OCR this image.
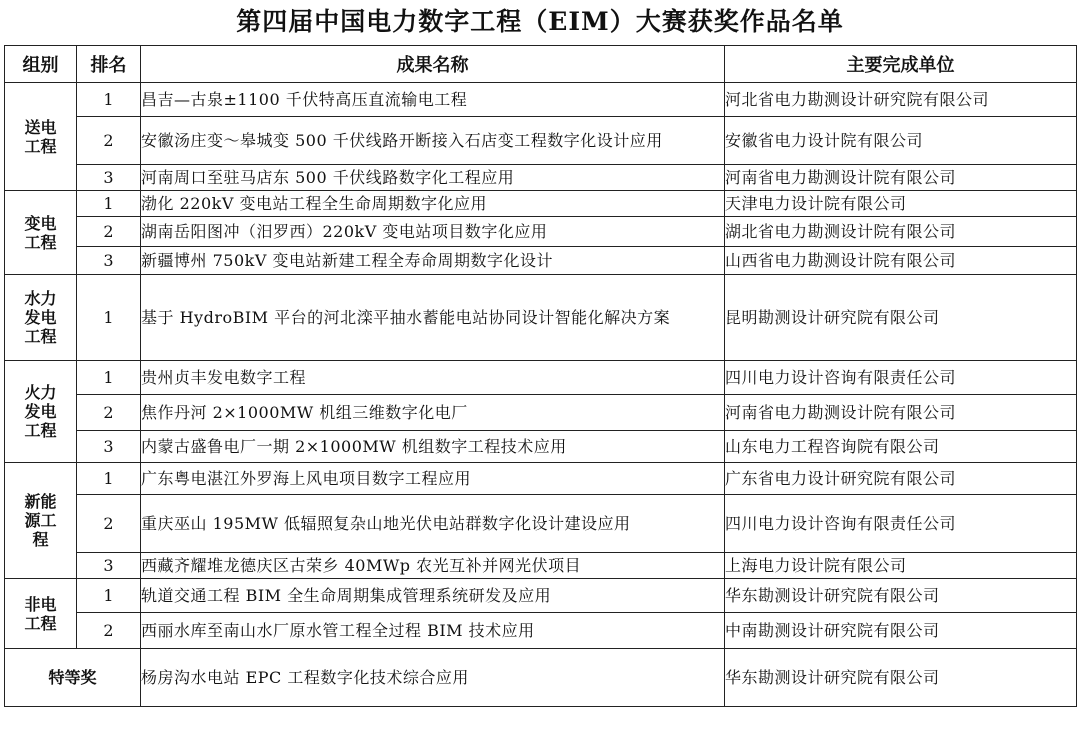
第四届中国电力数字工程（EIM）大赛获奖作品名单
组别	排名	成果名称	主要完成单位

送电工程	1	昌吉—古泉±1100 千伏特高压直流输电工程	河北省电力勘测设计研究院有限公司
	2	安徽汤庄变～皋城变 500 千伏线路开断接入石店变工程数字化设计应用	安徽省电力设计院有限公司
	3	河南周口至驻马店东 500 千伏线路数字化工程应用	河南省电力勘测设计院有限公司

变电工程	1	渤化 220kV 变电站工程全生命周期数字化应用	天津电力设计院有限公司
	2	湖南岳阳图冲（汨罗西）220kV 变电站项目数字化应用	湖北省电力勘测设计院有限公司
	3	新疆博州 750kV 变电站新建工程全寿命周期数字化设计	山西省电力勘测设计院有限公司

水力发电工程	1	基于 HydroBIM 平台的河北滦平抽水蓄能电站协同设计智能化解决方案	昆明勘测设计研究院有限公司

火力发电工程	1	贵州贞丰发电数字工程	四川电力设计咨询有限责任公司
	2	焦作丹河 2×1000MW 机组三维数字化电厂	河南省电力勘测设计院有限公司
	3	内蒙古盛鲁电厂一期 2×1000MW 机组数字工程技术应用	山东电力工程咨询院有限公司

新能源工程	1	广东粤电湛江外罗海上风电项目数字工程应用	广东省电力设计研究院有限公司
	2	重庆巫山 195MW 低辐照复杂山地光伏电站群数字化设计建设应用	四川电力设计咨询有限责任公司
	3	西藏齐耀堆龙德庆区古荣乡 40MWp 农光互补并网光伏项目	上海电力设计院有限公司

非电工程	1	轨道交通工程 BIM 全生命周期集成管理系统研发及应用	华东勘测设计研究院有限公司
	2	西丽水库至南山水厂原水管工程全过程 BIM 技术应用	中南勘测设计研究院有限公司
特等奖		杨房沟水电站 EPC 工程数字化技术综合应用	华东勘测设计研究院有限公司
